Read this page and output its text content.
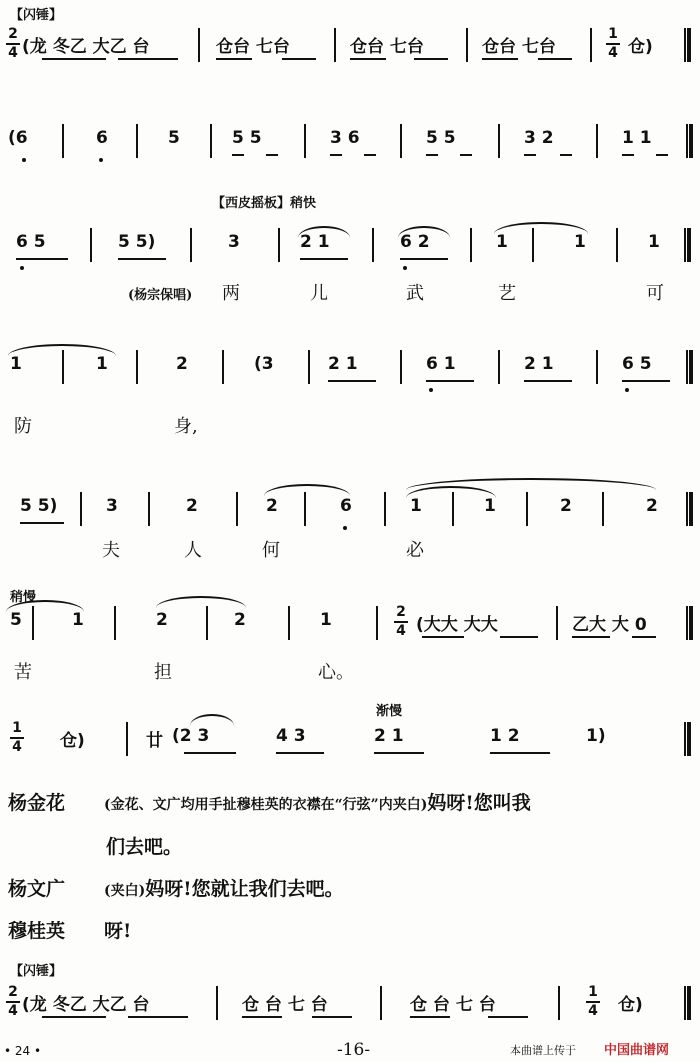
【闪锤】
2
4 (龙 冬乙 大乙 台	仓台 七台	仓台 七台	仓台 七台
1
4 仓)
(6	6	5	5 5	3 6	5 5	3 2	1 1
【西皮摇板】稍快
6 5	5 5)	3	2 1	6 2	1	1	1
(杨宗保唱) 两	儿	武	艺	可
1	1	2	(3	2 1	6 1	2 1	6 5
防	身,
5 5)	3	2	2	6	1	1	2	2
夫	人	何	必
稍慢
5	1	2	2	1	2
4 (大大 大大	乙大 大 0
苦	担	心。
渐慢
1
4 仓)	廿 (2 3	4 3	2 1	1 2	1)
杨金花	(金花、文广均用手扯穆桂英的衣襟在“行弦”内夹白)妈呀!您叫我
们去吧。
杨文广	(夹白)妈呀!您就让我们去吧。
穆桂英 呀!
【闪锤】
2
4 (龙 冬乙 大乙 台	仓 台 七 台	仓 台 七 台
1
4 仓)
• 24 •	-16-	本曲谱上传于 中国曲谱网
